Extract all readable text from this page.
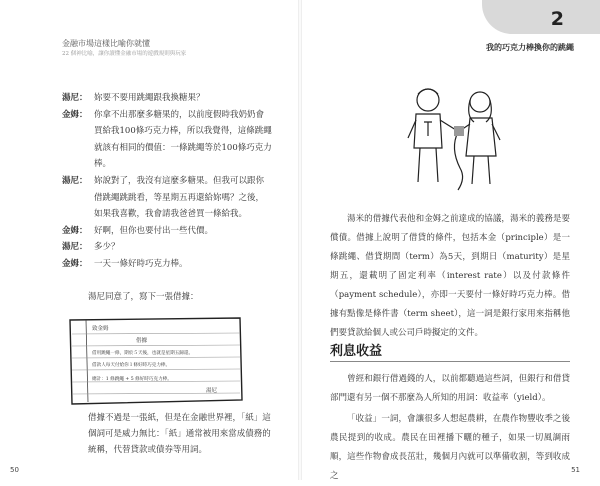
金融市場這樣比喻你就懂
22 個神比喻，讓你讀懂金融市場的遊戲規則與玩家
湯尼： 妳要不要用跳繩跟我換糖果？
金姆： 你拿不出那麼多糖果的，以前度假時我奶奶會買給我100條巧克力棒，所以我覺得，這條跳繩就該有相同的價值：一條跳繩等於100條巧克力棒。
湯尼： 妳說對了，我沒有這麼多糖果。但我可以跟你借跳繩跳跳看，等星期五再還給妳嗎？之後，如果我喜歡，我會請我爸爸買一條給我。
金姆： 好啊，但你也要付出一些代價。
湯尼： 多少？
金姆： 一天一條好時巧克力棒。
湯尼同意了，寫下一張借據：
致金姆
借據
借用跳繩一條，期於５天後，也就是星期五歸還。
借款人每天付給你１條好時巧克力棒。
總計：1 條跳繩 + 5 條好時巧克力棒。
湯尼
借據不過是一張紙，但是在金融世界裡，「紙」這個詞可是威力無比：「紙」通常被用來當成債務的統稱，代替貸款或債券等用詞。
50
2
我的巧克力棒換你的跳繩
湯米的借據代表他和金姆之前達成的協議，湯米的義務是要償債。借據上說明了借貸的條件，包括本金（principle）是一條跳繩、借貸期間（term）為5天，到期日（maturity）是星期五，還載明了固定利率（interest rate）以及付款條件（payment schedule），亦即一天要付一條好時巧克力棒。借據有點像是條件書（term sheet），這一詞是銀行家用來指稱他們要貸款給個人或公司戶時擬定的文件。
利息收益
曾經和銀行借過錢的人，以前都聽過這些詞，但銀行和借貸部門還有另一個不那麼為人所知的用詞：收益率（yield）。
「收益」一詞，會讓很多人想起農耕，在農作物豐收季之後農民提到的收成。農民在田裡播下曬的種子，如果一切風調雨順，這些作物會成長茁壯，幾個月內就可以準備收割，等到收成之
51
